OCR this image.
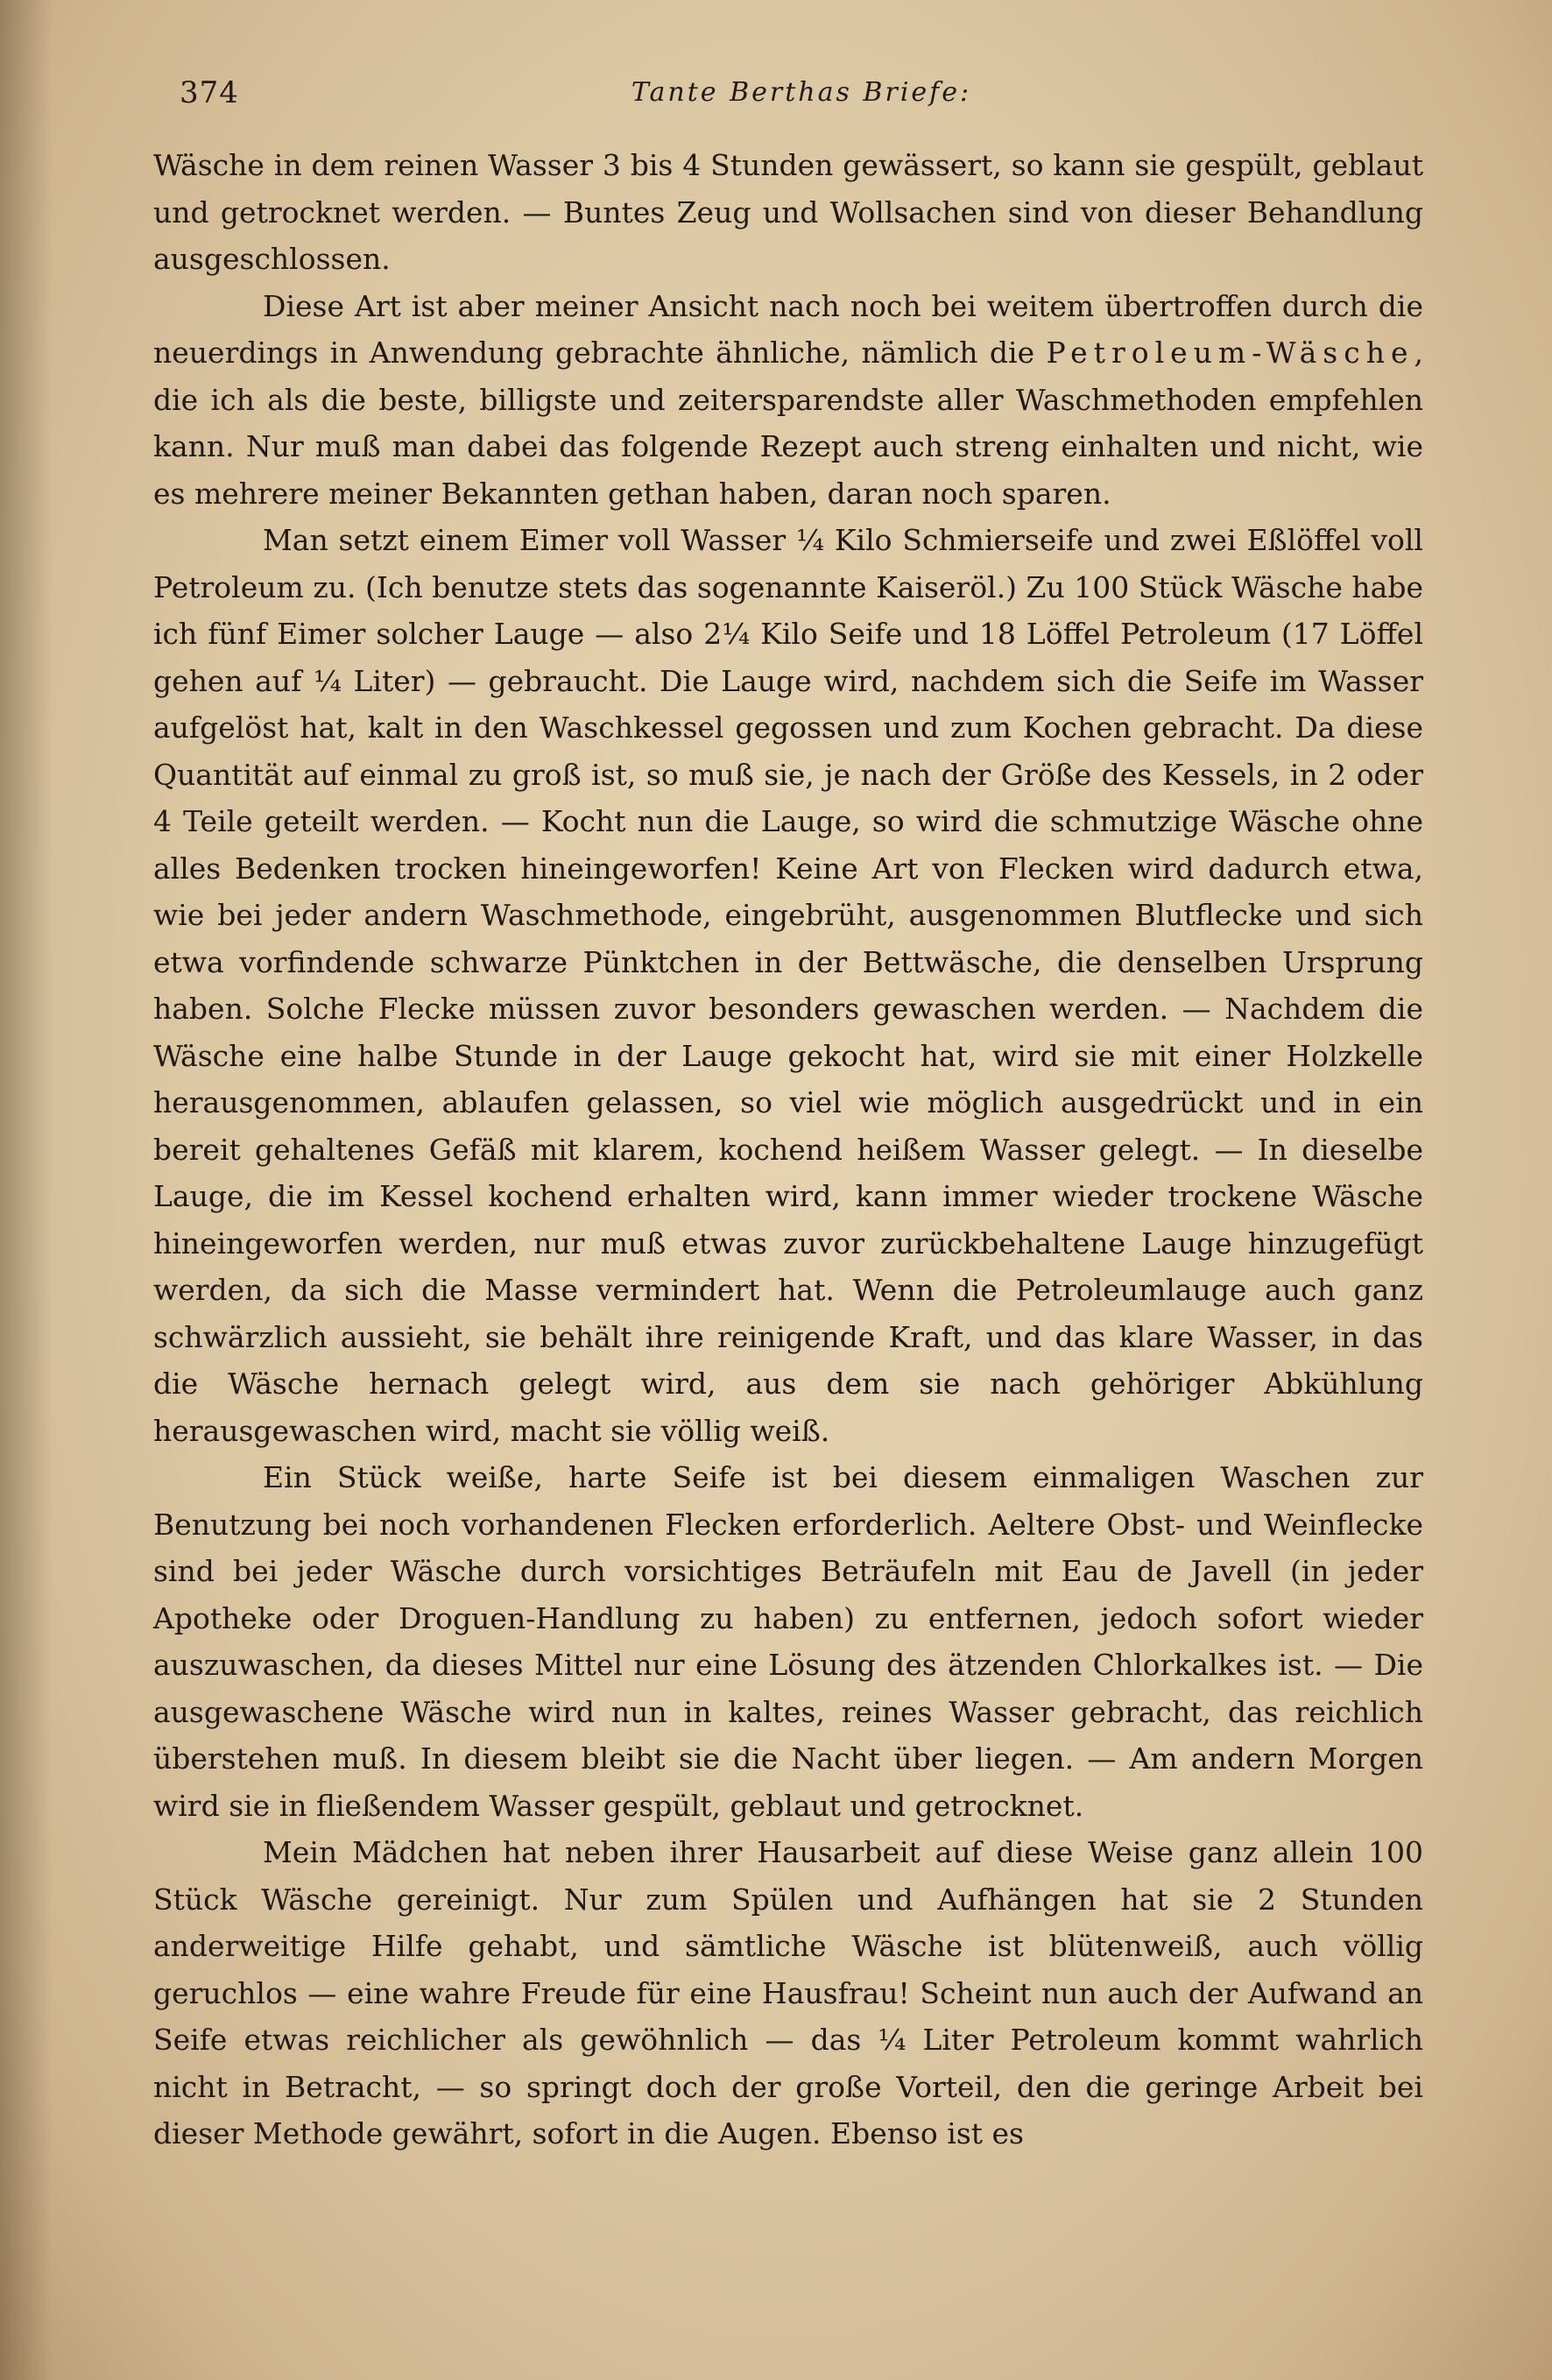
374	Tante Berthas Briefe:

Wäsche in dem reinen Wasser 3 bis 4 Stunden gewässert, so kann sie gespült, geblaut und getrocknet werden. — Buntes Zeug und Wollsachen sind von dieser Behandlung ausgeschlossen.

Diese Art ist aber meiner Ansicht nach noch bei weitem übertroffen durch die neuerdings in Anwendung gebrachte ähnliche, nämlich die Petroleum-Wäsche, die ich als die beste, billigste und zeitersparendste aller Waschmethoden empfehlen kann. Nur muß man dabei das folgende Rezept auch streng einhalten und nicht, wie es mehrere meiner Bekannten gethan haben, daran noch sparen.

Man setzt einem Eimer voll Wasser ¼ Kilo Schmierseife und zwei Eßlöffel voll Petroleum zu. (Ich benutze stets das sogenannte Kaiseröl.) Zu 100 Stück Wäsche habe ich fünf Eimer solcher Lauge — also 2¼ Kilo Seife und 18 Löffel Petroleum (17 Löffel gehen auf ¼ Liter) — gebraucht. Die Lauge wird, nachdem sich die Seife im Wasser aufgelöst hat, kalt in den Waschkessel gegossen und zum Kochen gebracht. Da diese Quantität auf einmal zu groß ist, so muß sie, je nach der Größe des Kessels, in 2 oder 4 Teile geteilt werden. — Kocht nun die Lauge, so wird die schmutzige Wäsche ohne alles Bedenken trocken hineingeworfen! Keine Art von Flecken wird dadurch etwa, wie bei jeder andern Waschmethode, eingebrüht, ausgenommen Blutflecke und sich etwa vorfindende schwarze Pünktchen in der Bettwäsche, die denselben Ursprung haben. Solche Flecke müssen zuvor besonders gewaschen werden. — Nachdem die Wäsche eine halbe Stunde in der Lauge gekocht hat, wird sie mit einer Holzkelle herausgenommen, ablaufen gelassen, so viel wie möglich ausgedrückt und in ein bereit gehaltenes Gefäß mit klarem, kochend heißem Wasser gelegt. — In dieselbe Lauge, die im Kessel kochend erhalten wird, kann immer wieder trockene Wäsche hineingeworfen werden, nur muß etwas zuvor zurückbehaltene Lauge hinzugefügt werden, da sich die Masse vermindert hat. Wenn die Petroleumlauge auch ganz schwärzlich aussieht, sie behält ihre reinigende Kraft, und das klare Wasser, in das die Wäsche hernach gelegt wird, aus dem sie nach gehöriger Abkühlung herausgewaschen wird, macht sie völlig weiß.

Ein Stück weiße, harte Seife ist bei diesem einmaligen Waschen zur Benutzung bei noch vorhandenen Flecken erforderlich. Aeltere Obst- und Weinflecke sind bei jeder Wäsche durch vorsichtiges Beträufeln mit Eau de Javell (in jeder Apotheke oder Droguen-Handlung zu haben) zu entfernen, jedoch sofort wieder auszuwaschen, da dieses Mittel nur eine Lösung des ätzenden Chlorkalkes ist. — Die ausgewaschene Wäsche wird nun in kaltes, reines Wasser gebracht, das reichlich überstehen muß. In diesem bleibt sie die Nacht über liegen. — Am andern Morgen wird sie in fließendem Wasser gespült, geblaut und getrocknet.

Mein Mädchen hat neben ihrer Hausarbeit auf diese Weise ganz allein 100 Stück Wäsche gereinigt. Nur zum Spülen und Aufhängen hat sie 2 Stunden anderweitige Hilfe gehabt, und sämtliche Wäsche ist blütenweiß, auch völlig geruchlos — eine wahre Freude für eine Hausfrau! Scheint nun auch der Aufwand an Seife etwas reichlicher als gewöhnlich — das ¼ Liter Petroleum kommt wahrlich nicht in Betracht, — so springt doch der große Vorteil, den die geringe Arbeit bei dieser Methode gewährt, sofort in die Augen. Ebenso ist es
